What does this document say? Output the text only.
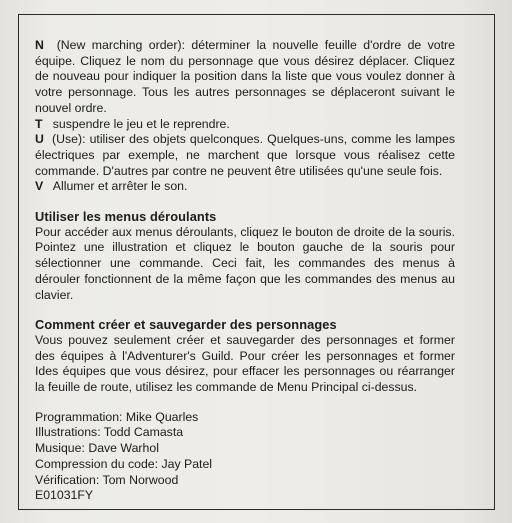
N (New marching order): déterminer la nouvelle feuille d'ordre de votre équipe. Cliquez le nom du personnage que vous désirez déplacer. Cliquez de nouveau pour indiquer la position dans la liste que vous voulez donner à votre personnage. Tous les autres personnages se déplaceront suivant le nouvel ordre.

T suspendre le jeu et le reprendre.

U (Use): utiliser des objets quelconques. Quelques-uns, comme les lampes électriques par exemple, ne marchent que lorsque vous réalisez cette commande. D'autres par contre ne peuvent être utilisées qu'une seule fois.

V Allumer et arrêter le son.

Utiliser les menus déroulants

Pour accéder aux menus déroulants, cliquez le bouton de droite de la souris. Pointez une illustration et cliquez le bouton gauche de la souris pour sélectionner une commande. Ceci fait, les commandes des menus à dérouler fonctionnent de la même façon que les commandes des menus au clavier.

Comment créer et sauvegarder des personnages

Vous pouvez seulement créer et sauvegarder des personnages et former des équipes à l'Adventurer's Guild. Pour créer les personnages et former Ides équipes que vous désirez, pour effacer les personnages ou réarranger la feuille de route, utilisez les commande de Menu Principal ci-dessus.

Programmation: Mike Quarles

Illustrations: Todd Camasta

Musique: Dave Warhol

Compression du code: Jay Patel

Vérification: Tom Norwood

E01031FY
